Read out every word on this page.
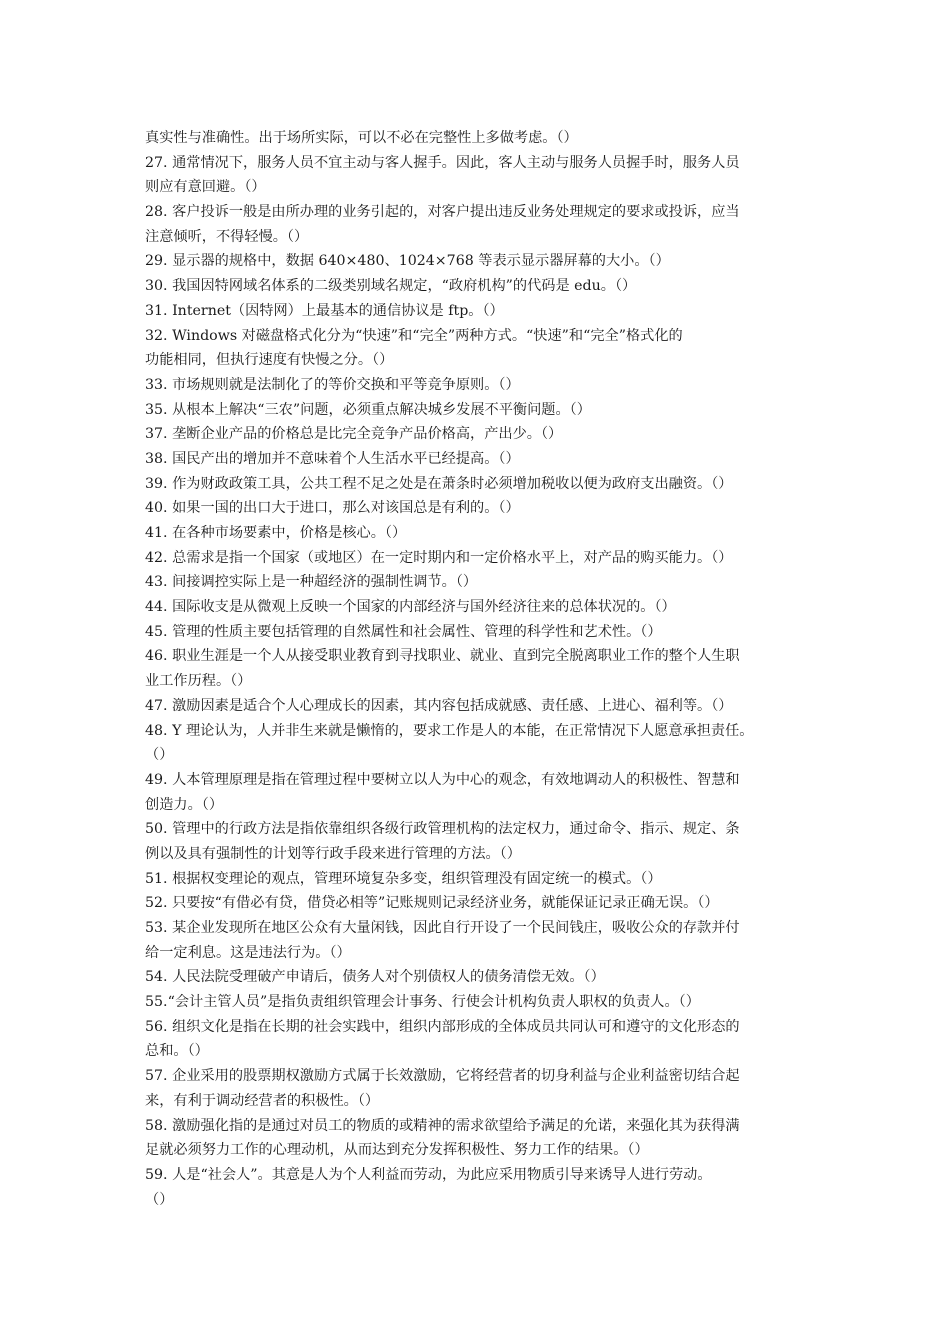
真实性与准确性。出于场所实际，可以不必在完整性上多做考虑。（）
27. 通常情况下，服务人员不宜主动与客人握手。因此，客人主动与服务人员握手时，服务人员
则应有意回避。（）
28. 客户投诉一般是由所办理的业务引起的，对客户提出违反业务处理规定的要求或投诉，应当
注意倾听，不得轻慢。（）
29. 显示器的规格中，数据 640×480、1024×768 等表示显示器屏幕的大小。（）
30. 我国因特网域名体系的二级类别域名规定，“政府机构”的代码是 edu。（）
31. Internet（因特网）上最基本的通信协议是 ftp。（）
32. Windows 对磁盘格式化分为“快速”和“完全”两种方式。“快速”和“完全”格式化的
功能相同，但执行速度有快慢之分。（）
33. 市场规则就是法制化了的等价交换和平等竞争原则。（）
35. 从根本上解决“三农”问题，必须重点解决城乡发展不平衡问题。（）
37. 垄断企业产品的价格总是比完全竞争产品价格高，产出少。（）
38. 国民产出的增加并不意味着个人生活水平已经提高。（）
39. 作为财政政策工具，公共工程不足之处是在萧条时必须增加税收以便为政府支出融资。（）
40. 如果一国的出口大于进口，那么对该国总是有利的。（）
41. 在各种市场要素中，价格是核心。（）
42. 总需求是指一个国家（或地区）在一定时期内和一定价格水平上，对产品的购买能力。（）
43. 间接调控实际上是一种超经济的强制性调节。（）
44. 国际收支是从微观上反映一个国家的内部经济与国外经济往来的总体状况的。（）
45. 管理的性质主要包括管理的自然属性和社会属性、管理的科学性和艺术性。（）
46. 职业生涯是一个人从接受职业教育到寻找职业、就业、直到完全脱离职业工作的整个人生职
业工作历程。（）
47. 激励因素是适合个人心理成长的因素，其内容包括成就感、责任感、上进心、福利等。（）
48. Y 理论认为，人并非生来就是懒惰的，要求工作是人的本能，在正常情况下人愿意承担责任。
（）
49. 人本管理原理是指在管理过程中要树立以人为中心的观念，有效地调动人的积极性、智慧和
创造力。（）
50. 管理中的行政方法是指依靠组织各级行政管理机构的法定权力，通过命令、指示、规定、条
例以及具有强制性的计划等行政手段来进行管理的方法。（）
51. 根据权变理论的观点，管理环境复杂多变，组织管理没有固定统一的模式。（）
52. 只要按“有借必有贷，借贷必相等”记账规则记录经济业务，就能保证记录正确无误。（）
53. 某企业发现所在地区公众有大量闲钱，因此自行开设了一个民间钱庄，吸收公众的存款并付
给一定利息。这是违法行为。（）
54. 人民法院受理破产申请后，债务人对个别债权人的债务清偿无效。（）
55.“会计主管人员”是指负责组织管理会计事务、行使会计机构负责人职权的负责人。（）
56. 组织文化是指在长期的社会实践中，组织内部形成的全体成员共同认可和遵守的文化形态的
总和。（）
57. 企业采用的股票期权激励方式属于长效激励，它将经营者的切身利益与企业利益密切结合起
来，有利于调动经营者的积极性。（）
58. 激励强化指的是通过对员工的物质的或精神的需求欲望给予满足的允诺，来强化其为获得满
足就必须努力工作的心理动机，从而达到充分发挥积极性、努力工作的结果。（）
59. 人是“社会人”。其意是人为个人利益而劳动，为此应采用物质引导来诱导人进行劳动。
（）
